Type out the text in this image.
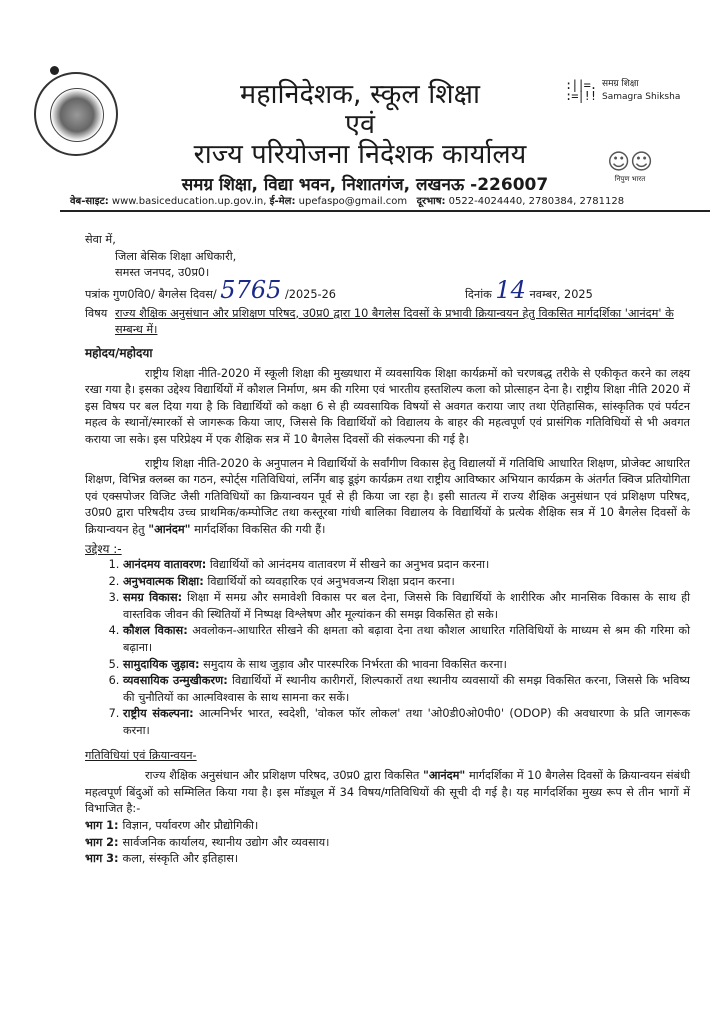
महानिदेशक, स्कूल शिक्षा
एवं
राज्य परियोजना निदेशक कार्यालय
समग्र शिक्षा, विद्या भवन, निशातगंज, लखनऊ -226007
वेब-साइट: www.basiceducation.up.gov.in, ई-मेल: upefaspo@gmail.com दूरभाष: 0522-4024440, 2780384, 2781128
:||=.
:=|!! समग्र शिक्षा
Samagra Shiksha
☺☺
निपुण भारत
सेवा में,
जिला बेसिक शिक्षा अधिकारी,
समस्त जनपद, उ0प्र0।
पत्रांक गुण0वि0/ बैगलेस दिवस/ 5765 /2025-26	दिनांक 14 नवम्बर, 2025
विषय राज्य शैक्षिक अनुसंधान और प्रशिक्षण परिषद, उ0प्र0 द्वारा 10 बैगलेस दिवसों के प्रभावी क्रियान्वयन हेतु विकसित मार्गदर्शिका 'आनंदम' के सम्बन्ध में।
महोदय/महोदया

राष्ट्रीय शिक्षा नीति-2020 में स्कूली शिक्षा की मुख्यधारा में व्यवसायिक शिक्षा कार्यक्रमों को चरणबद्ध तरीके से एकीकृत करने का लक्ष्य रखा गया है। इसका उद्देश्य विद्यार्थियों में कौशल निर्माण, श्रम की गरिमा एवं भारतीय हस्तशिल्प कला को प्रोत्साहन देना है। राष्ट्रीय शिक्षा नीति 2020 में इस विषय पर बल दिया गया है कि विद्यार्थियों को कक्षा 6 से ही व्यवसायिक विषयों से अवगत कराया जाए तथा ऐतिहासिक, सांस्कृतिक एवं पर्यटन महत्व के स्थानों/स्मारकों से जागरूक किया जाए, जिससे कि विद्यार्थियों को विद्यालय के बाहर की महत्वपूर्ण एवं प्रासंगिक गतिविधियों से भी अवगत कराया जा सके। इस परिप्रेक्ष्य में एक शैक्षिक सत्र में 10 बैगलेस दिवसों की संकल्पना की गई है।

राष्ट्रीय शिक्षा नीति-2020 के अनुपालन मे विद्यार्थियों के सर्वांगीण विकास हेतु विद्यालयों में गतिविधि आधारित शिक्षण, प्रोजेक्ट आधारित शिक्षण, विभिन्न क्लब्स का गठन, स्पोर्ट्स गतिविधियां, लर्निंग बाइ डूइंग कार्यक्रम तथा राष्ट्रीय आविष्कार अभियान कार्यक्रम के अंतर्गत क्विज प्रतियोगिता एवं एक्सपोजर विजिट जैसी गतिविधियों का क्रियान्वयन पूर्व से ही किया जा रहा है। इसी सातत्य में राज्य शैक्षिक अनुसंधान एवं प्रशिक्षण परिषद, उ0प्र0 द्वारा परिषदीय उच्च प्राथमिक/कम्पोजिट तथा कस्तूरबा गांधी बालिका विद्यालय के विद्यार्थियों के प्रत्येक शैक्षिक सत्र में 10 बैगलेस दिवसों के क्रियान्वयन हेतु "आनंदम" मार्गदर्शिका विकसित की गयी हैं।

उद्देश्य :-
1. आनंदमय वातावरण: विद्यार्थियों को आनंदमय वातावरण में सीखने का अनुभव प्रदान करना।
2. अनुभवात्मक शिक्षा: विद्यार्थियों को व्यवहारिक एवं अनुभवजन्य शिक्षा प्रदान करना।
3. समग्र विकास: शिक्षा में समग्र और समावेशी विकास पर बल देना, जिससे कि विद्यार्थियों के शारीरिक और मानसिक विकास के साथ ही वास्तविक जीवन की स्थितियों में निष्पक्ष विश्लेषण और मूल्यांकन की समझ विकसित हो सके।
4. कौशल विकास: अवलोकन-आधारित सीखने की क्षमता को बढ़ावा देना तथा कौशल आधारित गतिविधियों के माध्यम से श्रम की गरिमा को बढ़ाना।
5. सामुदायिक जुड़ाव: समुदाय के साथ जुड़ाव और पारस्परिक निर्भरता की भावना विकसित करना।
6. व्यवसायिक उन्मुखीकरण: विद्यार्थियों में स्थानीय कारीगरों, शिल्पकारों तथा स्थानीय व्यवसायों की समझ विकसित करना, जिससे कि भविष्य की चुनौतियों का आत्मविश्वास के साथ सामना कर सकें।
7. राष्ट्रीय संकल्पना: आत्मनिर्भर भारत, स्वदेशी, 'वोकल फॉर लोकल' तथा 'ओ0डी0ओ0पी0' (ODOP) की अवधारणा के प्रति जागरूक करना।
गतिविधियां एवं क्रियान्वयन-

राज्य शैक्षिक अनुसंधान और प्रशिक्षण परिषद, उ0प्र0 द्वारा विकसित "आनंदम" मार्गदर्शिका में 10 बैगलेस दिवसों के क्रियान्वयन संबंधी महत्वपूर्ण बिंदुओं को सम्मिलित किया गया है। इस मॉड्यूल में 34 विषय/गतिविधियों की सूची दी गई है। यह मार्गदर्शिका मुख्य रूप से तीन भागों में विभाजित है:-

भाग 1: विज्ञान, पर्यावरण और प्रौद्योगिकी।
भाग 2: सार्वजनिक कार्यालय, स्थानीय उद्योग और व्यवसाय।
भाग 3: कला, संस्कृति और इतिहास।
